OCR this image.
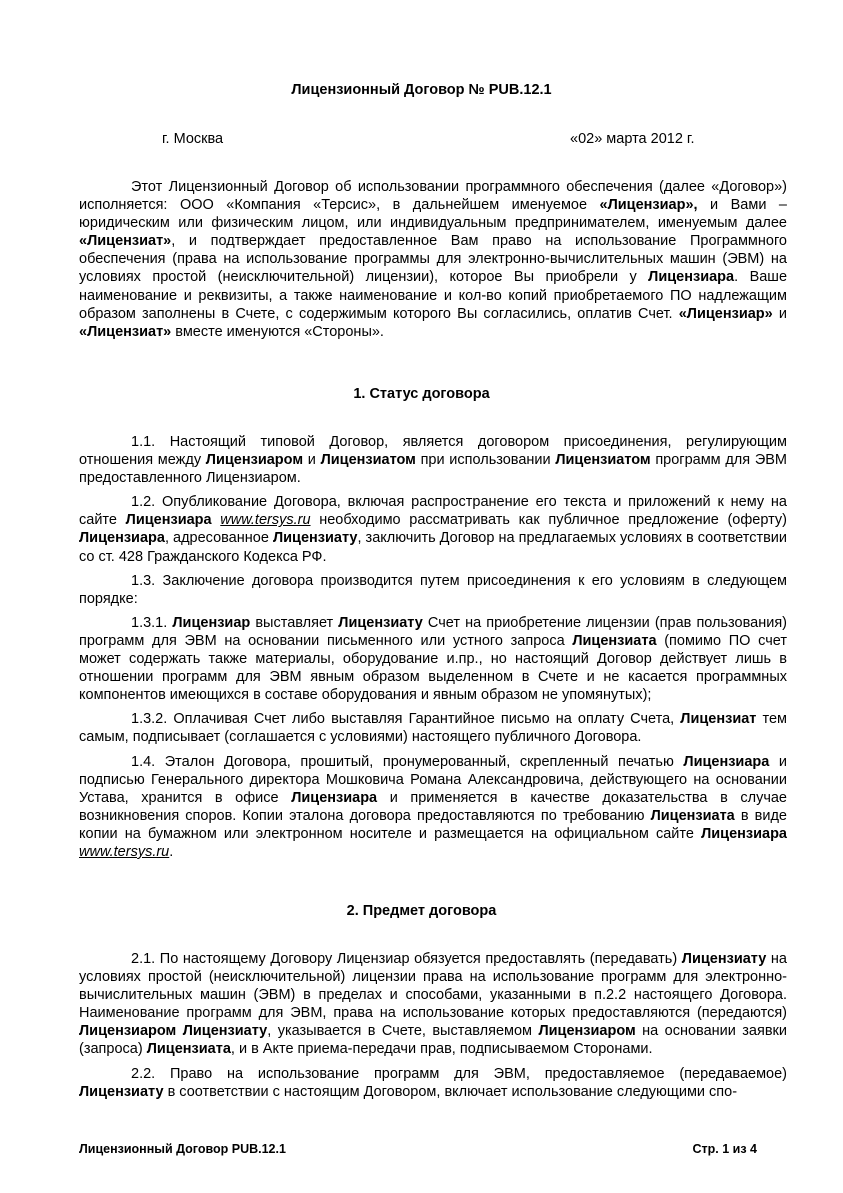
Лицензионный Договор № PUB.12.1
г. Москва	«02» марта 2012 г.

Этот Лицензионный Договор об использовании программного обеспечения (далее «Договор») исполняется: ООО «Компания «Терсис», в дальнейшем именуемое «Лицензиар», и Вами – юридическим или физическим лицом, или индивидуальным предпринимателем, именуемым далее «Лицензиат», и подтверждает предоставленное Вам право на использование Программного обеспечения (права на использование программы для электронно-вычислительных машин (ЭВМ) на условиях простой (неисключительной) лицензии), которое Вы приобрели у Лицензиара. Ваше наименование и реквизиты, а также наименование и кол-во копий приобретаемого ПО надлежащим образом заполнены в Счете, с содержимым которого Вы согласились, оплатив Счет. «Лицензиар» и «Лицензиат» вместе именуются «Стороны».

1. Статус договора

1.1. Настоящий типовой Договор, является договором присоединения, регулирующим отношения между Лицензиаром и Лицензиатом при использовании Лицензиатом программ для ЭВМ предоставленного Лицензиаром.

1.2. Опубликование Договора, включая распространение его текста и приложений к нему на сайте Лицензиара www.tersys.ru необходимо рассматривать как публичное предложение (оферту) Лицензиара, адресованное Лицензиату, заключить Договор на предлагаемых условиях в соответствии со ст. 428 Гражданского Кодекса РФ.

1.3. Заключение договора производится путем присоединения к его условиям в следующем порядке:

1.3.1. Лицензиар выставляет Лицензиату Счет на приобретение лицензии (прав пользования) программ для ЭВМ на основании письменного или устного запроса Лицензиата (помимо ПО счет может содержать также материалы, оборудование и.пр., но настоящий Договор действует лишь в отношении программ для ЭВМ явным образом выделенном в Счете и не касается программных компонентов имеющихся в составе оборудования и явным образом не упомянутых);

1.3.2. Оплачивая Счет либо выставляя Гарантийное письмо на оплату Счета, Лицензиат тем самым, подписывает (соглашается с условиями) настоящего публичного Договора.

1.4. Эталон Договора, прошитый, пронумерованный, скрепленный печатью Лицензиара и подписью Генерального директора Мошковича Романа Александровича, действующего на основании Устава, хранится в офисе Лицензиара и применяется в качестве доказательства в случае возникновения споров. Копии эталона договора предоставляются по требованию Лицензиата в виде копии на бумажном или электронном носителе и размещается на официальном сайте Лицензиара www.tersys.ru.

2. Предмет договора

2.1. По настоящему Договору Лицензиар обязуется предоставлять (передавать) Лицензиату на условиях простой (неисключительной) лицензии права на использование программ для электронно-вычислительных машин (ЭВМ) в пределах и способами, указанными в п.2.2 настоящего Договора. Наименование программ для ЭВМ, права на использование которых предоставляются (передаются) Лицензиаром Лицензиату, указывается в Счете, выставляемом Лицензиаром на основании заявки (запроса) Лицензиата, и в Акте приема-передачи прав, подписываемом Сторонами.

2.2. Право на использование программ для ЭВМ, предоставляемое (передаваемое) Лицензиату в соответствии с настоящим Договором, включает использование следующими спо-

Лицензионный Договор PUB.12.1	Стр. 1 из 4
